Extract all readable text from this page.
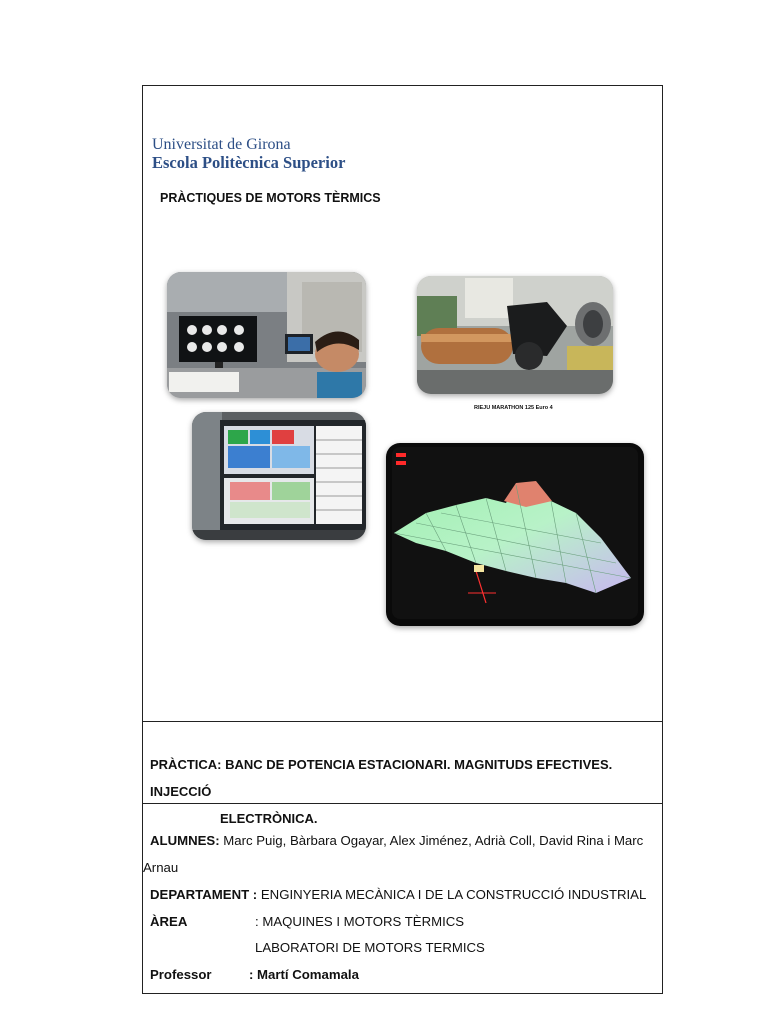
Universitat de Girona
Escola Politècnica Superior
PRÀCTIQUES DE MOTORS TÈRMICS
RIEJU MARATHON 125 Euro 4
PRÀCTICA: BANC DE POTENCIA ESTACIONARI. MAGNITUDS EFECTIVES. INJECCIÓ
ELECTRÒNICA.
ALUMNES: Marc Puig, Bàrbara Ogayar, Alex Jiménez, Adrià Coll, David Rina i Marc
Arnau
DEPARTAMENT : ENGINYERIA MECÀNICA I DE LA CONSTRUCCIÓ INDUSTRIAL
ÀREA	: MAQUINES I MOTORS TÈRMICS
LABORATORI DE MOTORS TERMICS
Professor	: Martí Comamala
